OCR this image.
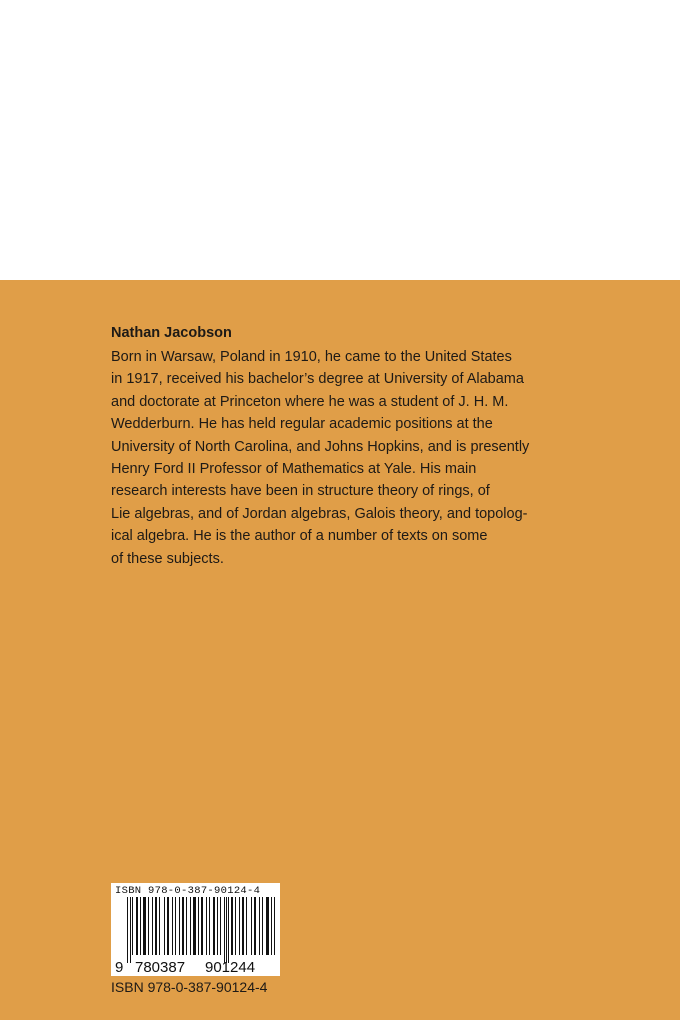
Nathan Jacobson

Born in Warsaw, Poland in 1910, he came to the United States
in 1917, received his bachelor’s degree at University of Alabama
and doctorate at Princeton where he was a student of J. H. M.
Wedderburn. He has held regular academic positions at the
University of North Carolina, and Johns Hopkins, and is presently
Henry Ford II Professor of Mathematics at Yale. His main
research interests have been in structure theory of rings, of
Lie algebras, and of Jordan algebras, Galois theory, and topolog-
ical algebra. He is the author of a number of texts on some
of these subjects.

ISBN 978-0-387-90124-4
9 780387 901244
ISBN 978-0-387-90124-4
